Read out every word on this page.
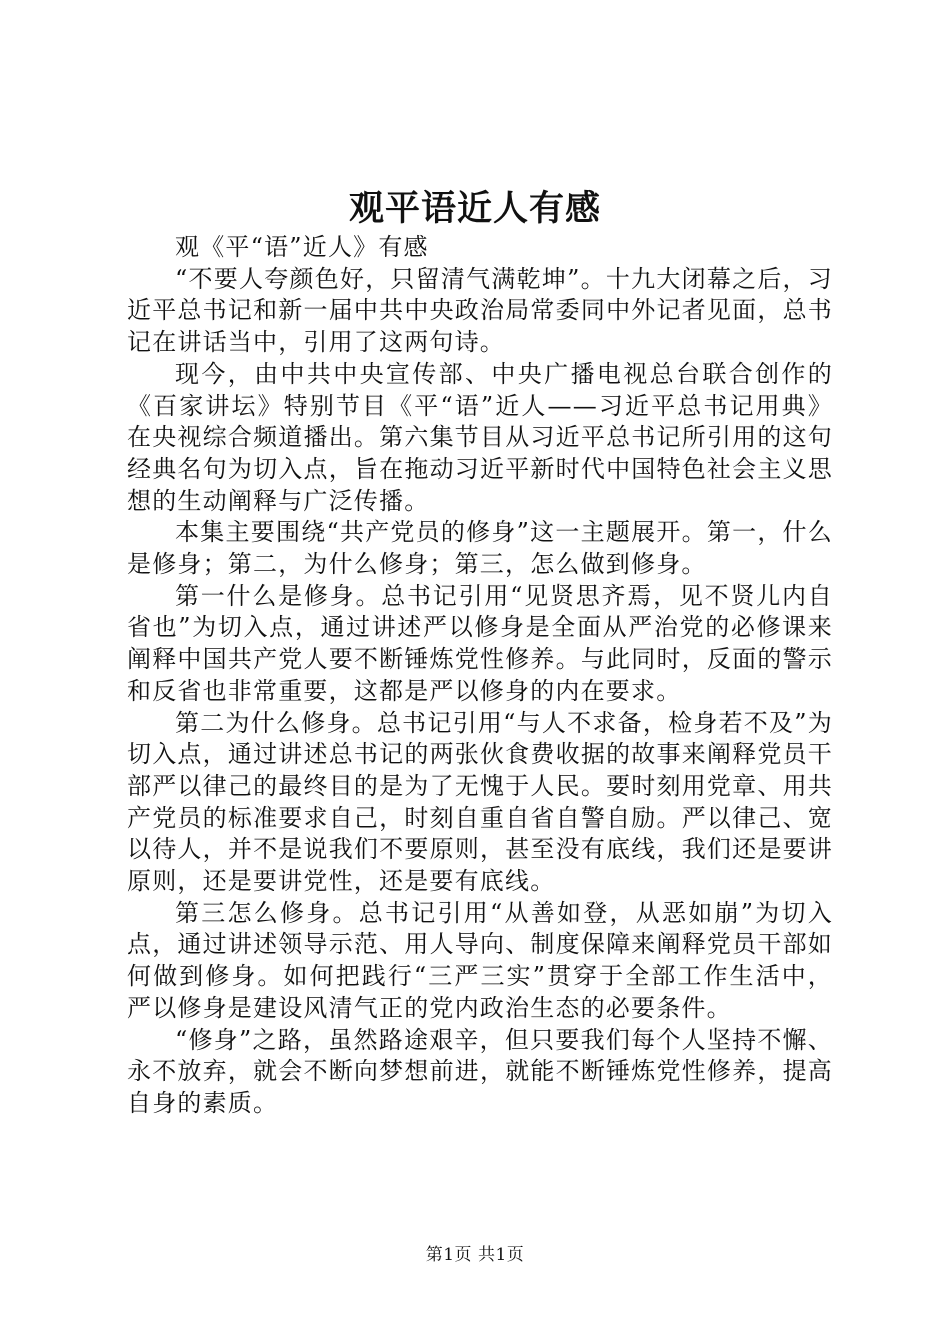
观平语近人有感

观《平“语”近人》有感

“不要人夸颜色好，只留清气满乾坤”。十九大闭幕之后，习近平总书记和新一届中共中央政治局常委同中外记者见面，总书记在讲话当中，引用了这两句诗。

现今，由中共中央宣传部、中央广播电视总台联合创作的《百家讲坛》特别节目《平“语”近人——习近平总书记用典》在央视综合频道播出。第六集节目从习近平总书记所引用的这句经典名句为切入点，旨在拖动习近平新时代中国特色社会主义思想的生动阐释与广泛传播。

本集主要围绕“共产党员的修身”这一主题展开。第一，什么是修身；第二，为什么修身；第三，怎么做到修身。

第一什么是修身。总书记引用“见贤思齐焉，见不贤儿内自省也”为切入点，通过讲述严以修身是全面从严治党的必修课来阐释中国共产党人要不断锤炼党性修养。与此同时，反面的警示和反省也非常重要，这都是严以修身的内在要求。

第二为什么修身。总书记引用“与人不求备，检身若不及”为切入点，通过讲述总书记的两张伙食费收据的故事来阐释党员干部严以律己的最终目的是为了无愧于人民。要时刻用党章、用共产党员的标准要求自己，时刻自重自省自警自励。严以律己、宽以待人，并不是说我们不要原则，甚至没有底线，我们还是要讲原则，还是要讲党性，还是要有底线。

第三怎么修身。总书记引用“从善如登，从恶如崩”为切入点，通过讲述领导示范、用人导向、制度保障来阐释党员干部如何做到修身。如何把践行“三严三实”贯穿于全部工作生活中，严以修身是建设风清气正的党内政治生态的必要条件。

“修身”之路，虽然路途艰辛，但只要我们每个人坚持不懈、永不放弃，就会不断向梦想前进，就能不断锤炼党性修养，提高自身的素质。

第1页 共1页
